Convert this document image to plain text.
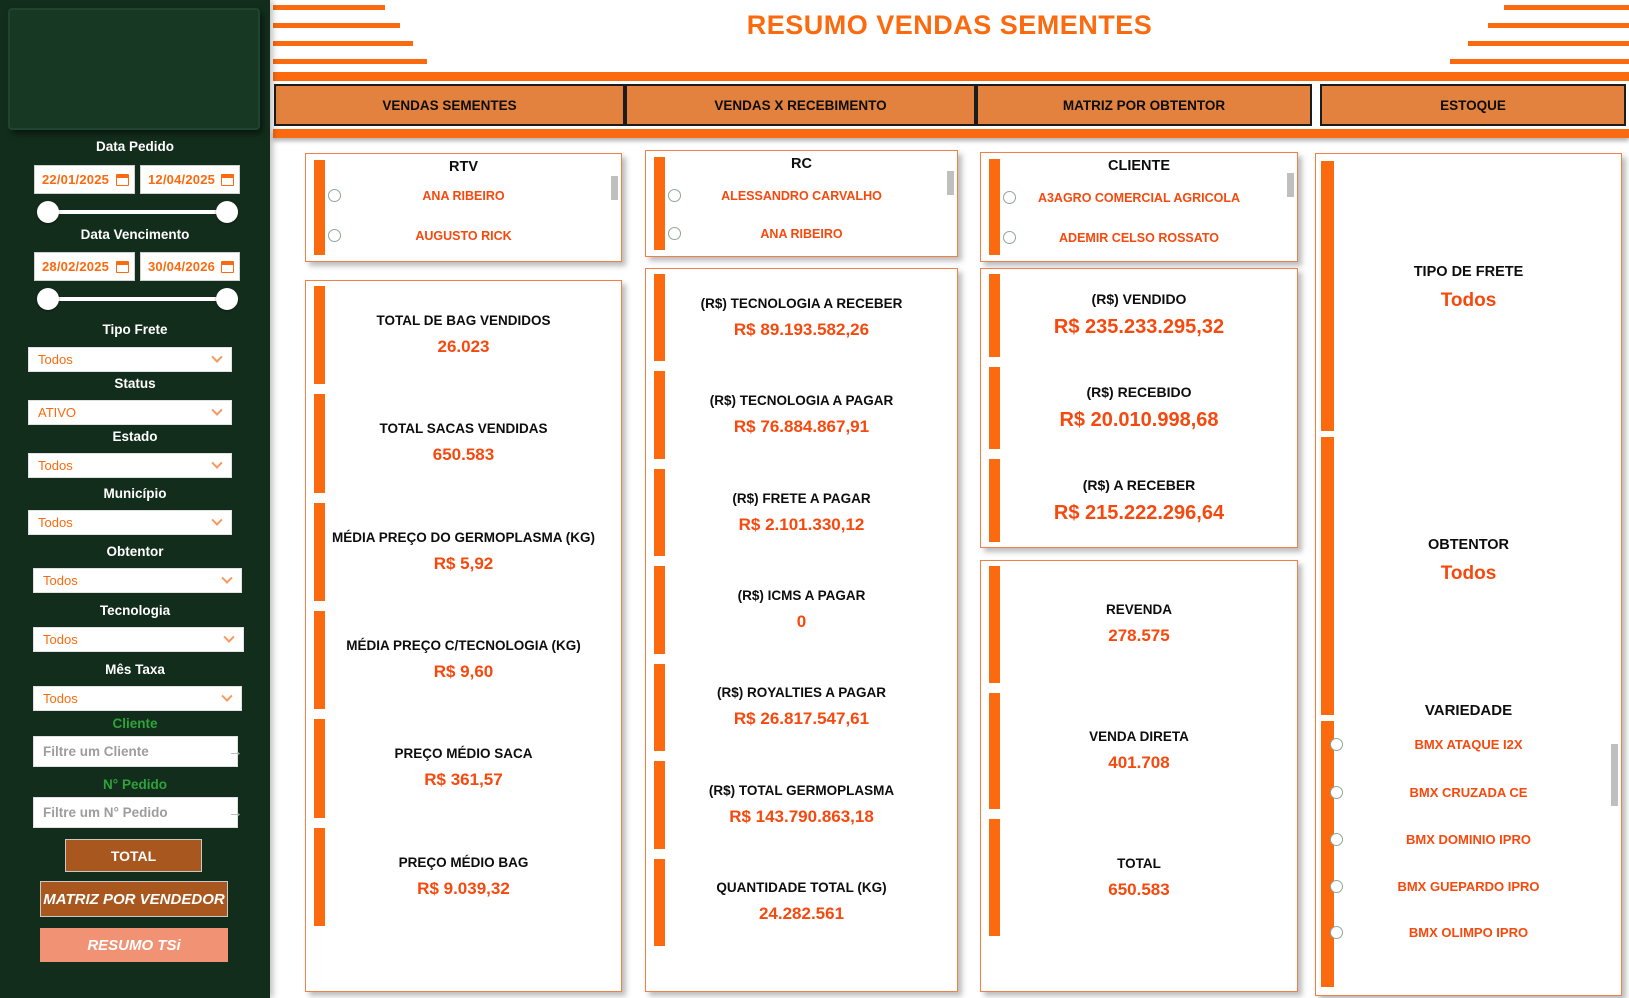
Data Pedido
22/01/2025	12/04/2025
Data Vencimento
28/02/2025	30/04/2026
Tipo Frete
Todos
Status
ATIVO
Estado
Todos
Município
Todos
Obtentor
Todos
Tecnologia
Todos
Mês Taxa
Todos
Cliente
Filtre um Cliente
→
N° Pedido
Filtre um N° Pedido
→
TOTAL
MATRIZ POR VENDEDOR
RESUMO TSi
RESUMO VENDAS SEMENTES
VENDAS SEMENTES	VENDAS X RECEBIMENTO	MATRIZ POR OBTENTOR	ESTOQUE
RTV
ANA RIBEIRO
AUGUSTO RICK
TOTAL DE BAG VENDIDOS
26.023
TOTAL SACAS VENDIDAS
650.583
MÉDIA PREÇO DO GERMOPLASMA (KG)
R$ 5,92
MÉDIA PREÇO C/TECNOLOGIA (KG)
R$ 9,60
PREÇO MÉDIO SACA
R$ 361,57
PREÇO MÉDIO BAG
R$ 9.039,32
RC
ALESSANDRO CARVALHO
ANA RIBEIRO
(R$) TECNOLOGIA A RECEBER
R$ 89.193.582,26
(R$) TECNOLOGIA A PAGAR
R$ 76.884.867,91
(R$) FRETE A PAGAR
R$ 2.101.330,12
(R$) ICMS A PAGAR
0
(R$) ROYALTIES A PAGAR
R$ 26.817.547,61
(R$) TOTAL GERMOPLASMA
R$ 143.790.863,18
QUANTIDADE TOTAL (KG)
24.282.561
CLIENTE
A3AGRO COMERCIAL AGRICOLA
ADEMIR CELSO ROSSATO
(R$) VENDIDO
R$ 235.233.295,32
(R$) RECEBIDO
R$ 20.010.998,68
(R$) A RECEBER
R$ 215.222.296,64
REVENDA
278.575
VENDA DIRETA
401.708
TOTAL
650.583
TIPO DE FRETE
Todos
OBTENTOR
Todos
VARIEDADE
BMX ATAQUE I2X
BMX CRUZADA CE
BMX DOMINIO IPRO
BMX GUEPARDO IPRO
BMX OLIMPO IPRO
